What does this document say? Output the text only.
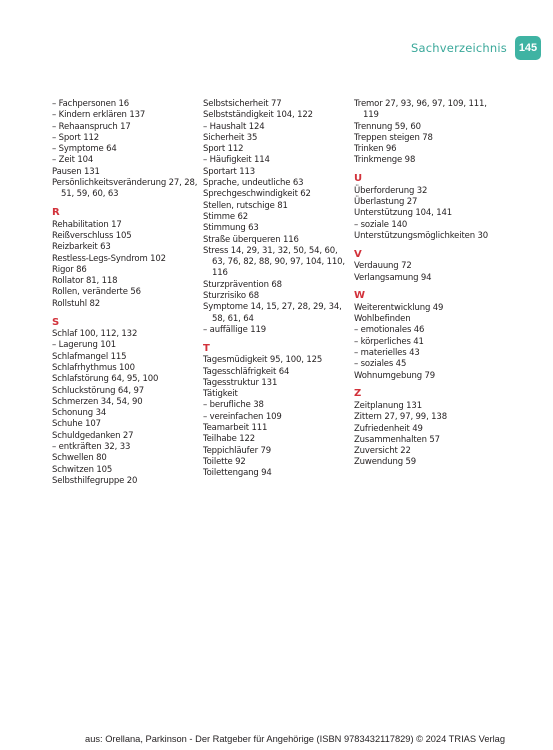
Sachverzeichnis	145
– Fachpersonen 16
– Kindern erklären 137
– Rehaanspruch 17
– Sport 112
– Symptome 64
– Zeit 104
Pausen 131
Persönlichkeitsveränderung 27, 28, 51, 59, 60, 63
R
Rehabilitation 17
Reißverschluss 105
Reizbarkeit 63
Restless-Legs-Syndrom 102
Rigor 86
Rollator 81, 118
Rollen, veränderte 56
Rollstuhl 82
S
Schlaf 100, 112, 132
– Lagerung 101
Schlafmangel 115
Schlafrhythmus 100
Schlafstörung 64, 95, 100
Schluckstörung 64, 97
Schmerzen 34, 54, 90
Schonung 34
Schuhe 107
Schuldgedanken 27
– entkräften 32, 33
Schwellen 80
Schwitzen 105
Selbsthilfegruppe 20
Selbstsicherheit 77
Selbstständigkeit 104, 122
– Haushalt 124
Sicherheit 35
Sport 112
– Häufigkeit 114
Sportart 113
Sprache, undeutliche 63
Sprechgeschwindigkeit 62
Stellen, rutschige 81
Stimme 62
Stimmung 63
Straße überqueren 116
Stress 14, 29, 31, 32, 50, 54, 60, 63, 76, 82, 88, 90, 97, 104, 110, 116
Sturzprävention 68
Sturzrisiko 68
Symptome 14, 15, 27, 28, 29, 34, 58, 61, 64
– auffällige 119
T
Tagesmüdigkeit 95, 100, 125
Tagesschläfrigkeit 64
Tagesstruktur 131
Tätigkeit
– berufliche 38
– vereinfachen 109
Teamarbeit 111
Teilhabe 122
Teppichläufer 79
Toilette 92
Toilettengang 94
Tremor 27, 93, 96, 97, 109, 111, 119
Trennung 59, 60
Treppen steigen 78
Trinken 96
Trinkmenge 98
U
Überforderung 32
Überlastung 27
Unterstützung 104, 141
– soziale 140
Unterstützungsmöglichkeiten 30
V
Verdauung 72
Verlangsamung 94
W
Weiterentwicklung 49
Wohlbefinden
– emotionales 46
– körperliches 41
– materielles 43
– soziales 45
Wohnumgebung 79
Z
Zeitplanung 131
Zittern 27, 97, 99, 138
Zufriedenheit 49
Zusammenhalten 57
Zuversicht 22
Zuwendung 59
aus: Orellana, Parkinson - Der Ratgeber für Angehörige (ISBN 9783432117829) © 2024 TRIAS Verlag
